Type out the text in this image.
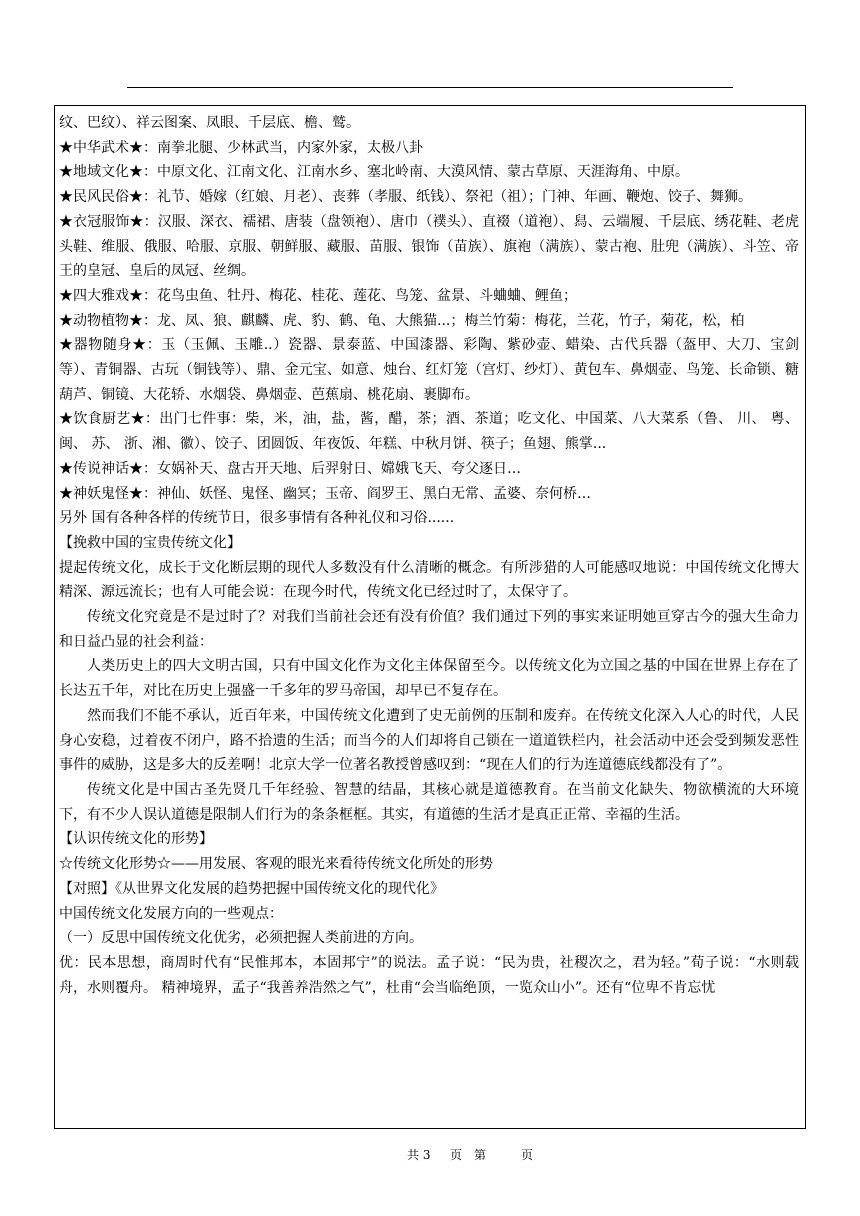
纹、巴纹）、祥云图案、凤眼、千层底、檐、鹫。

★中华武术★：南拳北腿、少林武当，内家外家，太极八卦

★地域文化★：中原文化、江南文化、江南水乡、塞北岭南、大漠风情、蒙古草原、天涯海角、中原。

★民风民俗★：礼节、婚嫁（红娘、月老）、丧葬（孝服、纸钱）、祭祀（祖）；门神、年画、鞭炮、饺子、舞狮。

★衣冠服饰★：汉服、深衣、襦裙、唐装（盘领袍）、唐巾（襆头）、直裰（道袍）、舄、云端履、千层底、绣花鞋、老虎头鞋、维服、俄服、哈服、京服、朝鲜服、藏服、苗服、银饰（苗族）、旗袍（满族）、蒙古袍、肚兜（满族）、斗笠、帝王的皇冠、皇后的凤冠、丝绸。

★四大雅戏★：花鸟虫鱼、牡丹、梅花、桂花、莲花、鸟笼、盆景、斗蛐蛐、鲤鱼；

★动物植物★：龙、凤、狼、麒麟、虎、豹、鹤、龟、大熊猫...；梅兰竹菊：梅花，兰花，竹子，菊花，松，柏

★器物随身★：玉（玉佩、玉雕..）瓷器、景泰蓝、中国漆器、彩陶、紫砂壶、蜡染、古代兵器（盔甲、大刀、宝剑等）、青铜器、古玩（铜钱等）、鼎、金元宝、如意、烛台、红灯笼（宫灯、纱灯）、黄包车、鼻烟壶、鸟笼、长命锁、糖葫芦、铜镜、大花轿、水烟袋、鼻烟壶、芭蕉扇、桃花扇、裹脚布。

★饮食厨艺★：出门七件事：柴，米，油，盐，酱，醋，茶；酒、茶道；吃文化、中国菜、八大菜系（鲁、 川、 粤、 闽、 苏、 浙、湘、徽）、饺子、团圆饭、年夜饭、年糕、中秋月饼、筷子；鱼翅、熊掌...

★传说神话★：女娲补天、盘古开天地、后羿射日、嫦娥飞天、夸父逐日…

★神妖鬼怪★：神仙、妖怪、鬼怪、幽冥；玉帝、阎罗王、黑白无常、孟婆、奈何桥…

另外 国有各种各样的传统节日，很多事情有各种礼仪和习俗......

【挽救中国的宝贵传统文化】

提起传统文化，成长于文化断层期的现代人多数没有什么清晰的概念。有所涉猎的人可能感叹地说：中国传统文化博大精深、源远流长；也有人可能会说：在现今时代，传统文化已经过时了，太保守了。

传统文化究竟是不是过时了？对我们当前社会还有没有价值？我们通过下列的事实来证明她亘穿古今的强大生命力和日益凸显的社会利益：

人类历史上的四大文明古国，只有中国文化作为文化主体保留至今。以传统文化为立国之基的中国在世界上存在了长达五千年，对比在历史上强盛一千多年的罗马帝国，却早已不复存在。

然而我们不能不承认，近百年来，中国传统文化遭到了史无前例的压制和废弃。在传统文化深入人心的时代，人民身心安稳，过着夜不闭户，路不拾遗的生活；而当今的人们却将自己锁在一道道铁栏内，社会活动中还会受到频发恶性事件的威胁，这是多大的反差啊！北京大学一位著名教授曾感叹到：“现在人们的行为连道德底线都没有了”。

传统文化是中国古圣先贤几千年经验、智慧的结晶，其核心就是道德教育。在当前文化缺失、物欲横流的大环境下，有不少人误认道德是限制人们行为的条条框框。其实，有道德的生活才是真正正常、幸福的生活。

【认识传统文化的形势】

☆传统文化形势☆——用发展、客观的眼光来看待传统文化所处的形势

【对照】《从世界文化发展的趋势把握中国传统文化的现代化》

中国传统文化发展方向的一些观点：

（一）反思中国传统文化优劣，必须把握人类前进的方向。

优：民本思想，商周时代有“民惟邦本，本固邦宁”的说法。孟子说：“民为贵，社稷次之，君为轻。”荀子说：“水则载舟，水则覆舟。 精神境界，孟子“我善养浩然之气”，杜甫“会当临绝顶，一览众山小”。还有“位卑不肯忘忧

共 3 页 第	页
